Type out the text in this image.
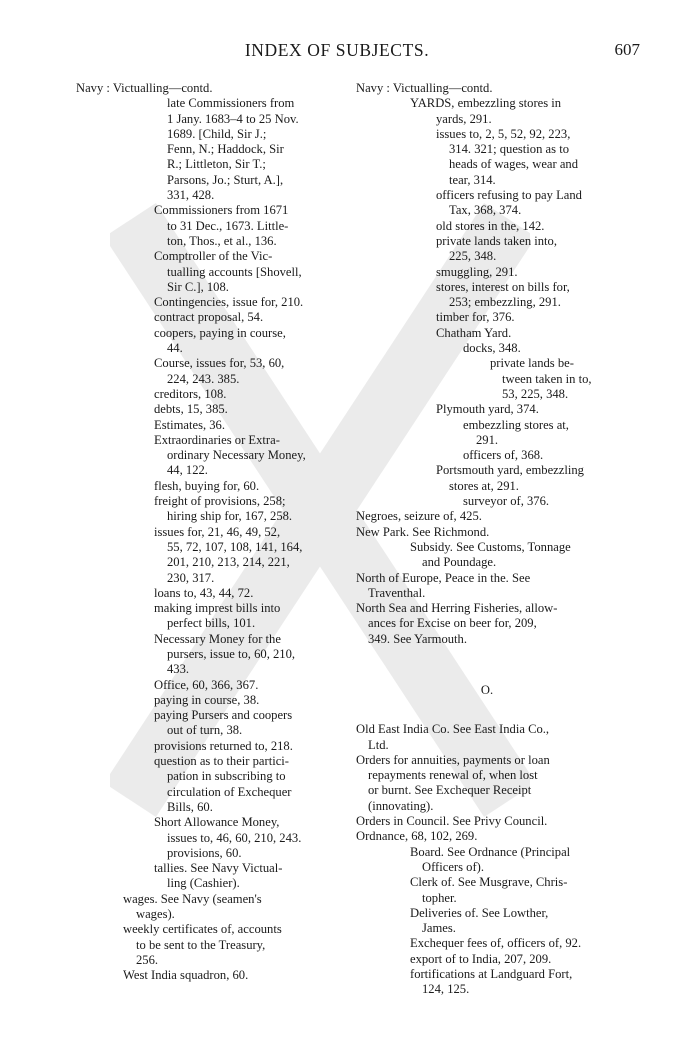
INDEX OF SUBJECTS.	607
Navy : Victualling—contd.
late Commissioners from
1 Jany. 1683–4 to 25 Nov.
1689. [Child, Sir J.;
Fenn, N.; Haddock, Sir
R.; Littleton, Sir T.;
Parsons, Jo.; Sturt, A.],
331, 428.
Commissioners from 1671
to 31 Dec., 1673. Little-
ton, Thos., et al., 136.
Comptroller of the Vic-
tualling accounts [Shovell,
Sir C.], 108.
Contingencies, issue for, 210.
contract proposal, 54.
coopers, paying in course,
44.
Course, issues for, 53, 60,
224, 243. 385.
creditors, 108.
debts, 15, 385.
Estimates, 36.
Extraordinaries or Extra-
ordinary Necessary Money,
44, 122.
flesh, buying for, 60.
freight of provisions, 258;
hiring ship for, 167, 258.
issues for, 21, 46, 49, 52,
55, 72, 107, 108, 141, 164,
201, 210, 213, 214, 221,
230, 317.
loans to, 43, 44, 72.
making imprest bills into
perfect bills, 101.
Necessary Money for the
pursers, issue to, 60, 210,
433.
Office, 60, 366, 367.
paying in course, 38.
paying Pursers and coopers
out of turn, 38.
provisions returned to, 218.
question as to their partici-
pation in subscribing to
circulation of Exchequer
Bills, 60.
Short Allowance Money,
issues to, 46, 60, 210, 243.
provisions, 60.
tallies. See Navy Victual-
ling (Cashier).
wages. See Navy (seamen's
wages).
weekly certificates of, accounts
to be sent to the Treasury,
256.
West India squadron, 60.
Navy : Victualling—contd.
YARDS, embezzling stores in
yards, 291.
issues to, 2, 5, 52, 92, 223,
314. 321; question as to
heads of wages, wear and
tear, 314.
officers refusing to pay Land
Tax, 368, 374.
old stores in the, 142.
private lands taken into,
225, 348.
smuggling, 291.
stores, interest on bills for,
253; embezzling, 291.
timber for, 376.
Chatham Yard.
docks, 348.
private lands be-
tween taken in to,
53, 225, 348.
Plymouth yard, 374.
embezzling stores at,
291.
officers of, 368.
Portsmouth yard, embezzling
stores at, 291.
surveyor of, 376.
Negroes, seizure of, 425.
New Park. See Richmond.
Subsidy. See Customs, Tonnage
and Poundage.
North of Europe, Peace in the. See
Traventhal.
North Sea and Herring Fisheries, allow-
ances for Excise on beer for, 209,
349. See Yarmouth.
O.
Old East India Co. See East India Co.,
Ltd.
Orders for annuities, payments or loan
repayments renewal of, when lost
or burnt. See Exchequer Receipt
(innovating).
Orders in Council. See Privy Council.
Ordnance, 68, 102, 269.
Board. See Ordnance (Principal
Officers of).
Clerk of. See Musgrave, Chris-
topher.
Deliveries of. See Lowther,
James.
Exchequer fees of, officers of, 92.
export of to India, 207, 209.
fortifications at Landguard Fort,
124, 125.
